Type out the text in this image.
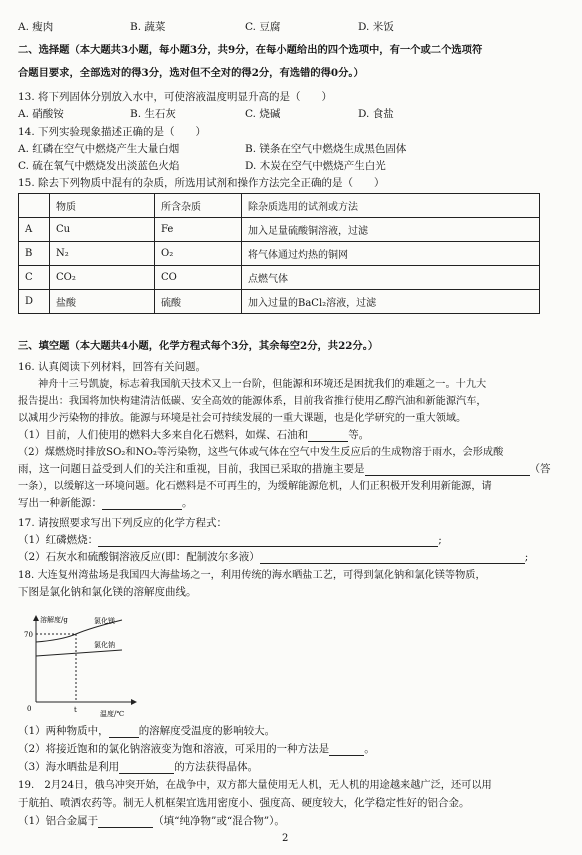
A. 瘦肉	B. 蔬菜	C. 豆腐	D. 米饭
二、选择题（本大题共3小题，每小题3分，共9分，在每小题给出的四个选项中，有一个或二个选项符
合题目要求，全部选对的得3分，选对但不全对的得2分，有选错的得0分。）
13. 将下列固体分别放入水中，可使溶液温度明显升高的是（　　）
A. 硝酸铵	B. 生石灰	C. 烧碱	D. 食盐
14. 下列实验现象描述正确的是（　　）
A. 红磷在空气中燃烧产生大量白烟	B. 镁条在空气中燃烧生成黑色固体
C. 硫在氧气中燃烧发出淡蓝色火焰	D. 木炭在空气中燃烧产生白光
15. 除去下列物质中混有的杂质，所选用试剂和操作方法完全正确的是（　　）
	物质	所含杂质	除杂质选用的试剂或方法
A	Cu	Fe	加入足量硫酸铜溶液，过滤
B	N₂	O₂	将气体通过灼热的铜网
C	CO₂	CO	点燃气体
D	盐酸	硫酸	加入过量的BaCl₂溶液，过滤
三、填空题（本大题共4小题，化学方程式每个3分，其余每空2分，共22分。）
16. 认真阅读下列材料，回答有关问题。
神舟十三号凯旋，标志着我国航天技术又上一台阶，但能源和环境还是困扰我们的难题之一。十九大
报告提出：我国将加快构建清洁低碳、安全高效的能源体系，目前我省推行使用乙醇汽油和新能源汽车，
以减用少污染物的排放。能源与环境是社会可持续发展的一重大课题，也是化学研究的一重大领域。
（1）目前，人们使用的燃料大多来自化石燃料，如煤、石油和	等。
（2）煤燃烧时排放SO₂和NO₂等污染物，这些气体或气体在空气中发生反应后的生成物溶于雨水，会形成酸
雨，这一问题日益受到人们的关注和重视，目前，我国已采取的措施主要是	（答
一条），以缓解这一环境问题。化石燃料是不可再生的，为缓解能源危机，人们正积极开发利用新能源，请
写出一种新能源：	。
17. 请按照要求写出下列反应的化学方程式：
（1）红磷燃烧：	;
（2）石灰水和硫酸铜溶液反应(即：配制波尔多液）	;
18. 大连复州湾盐场是我国四大海盐场之一，利用传统的海水晒盐工艺，可得到氯化钠和氯化镁等物质，
下图是氯化钠和氯化镁的溶解度曲线。
溶解度/g
温度/℃
70
t
0
氯化镁
氯化钠
（1）两种物质中，	的溶解度受温度的影响较大。
（2）将接近饱和的氯化钠溶液变为饱和溶液，可采用的一种方法是	。
（3）海水晒盐是利用	的方法获得晶体。
19.　2月24日，俄乌冲突开始，在战争中，双方都大量使用无人机，无人机的用途越来越广泛，还可以用
于航拍、喷洒农药等。制无人机框架宜选用密度小、强度高、硬度较大，化学稳定性好的铝合金。
（1）铝合金属于	（填“纯净物”或“混合物”）。
2
